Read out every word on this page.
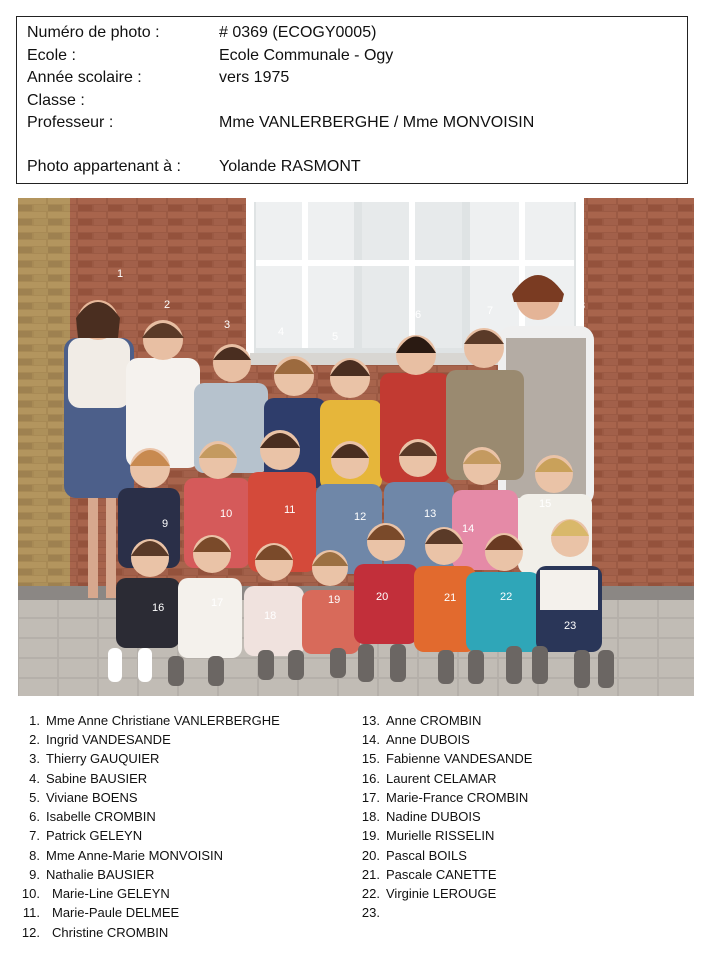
Numéro de photo :	# 0369 (ECOGY0005)
Ecole :	Ecole Communale - Ogy
Année scolaire :	vers 1975
Classe :
Professeur :	Mme VANLERBERGHE / Mme MONVOISIN
Photo appartenant à : Yolande RASMONT
1
2
3
4	5
6	7	8
9
10	11
12	13
14
15
16	17
18
19	20	21	22
23
1. Mme Anne Christiane VANLERBERGHE
2. Ingrid VANDESANDE
3. Thierry GAUQUIER
4. Sabine BAUSIER
5. Viviane BOENS
6. Isabelle CROMBIN
7. Patrick GELEYN
8. Mme Anne-Marie MONVOISIN
9. Nathalie BAUSIER
10. Marie-Line GELEYN
11. Marie-Paule DELMEE
12. Christine CROMBIN
13. Anne CROMBIN
14. Anne DUBOIS
15. Fabienne VANDESANDE
16. Laurent CELAMAR
17. Marie-France CROMBIN
18. Nadine DUBOIS
19. Murielle RISSELIN
20. Pascal BOILS
21. Pascale CANETTE
22. Virginie LEROUGE
23.
